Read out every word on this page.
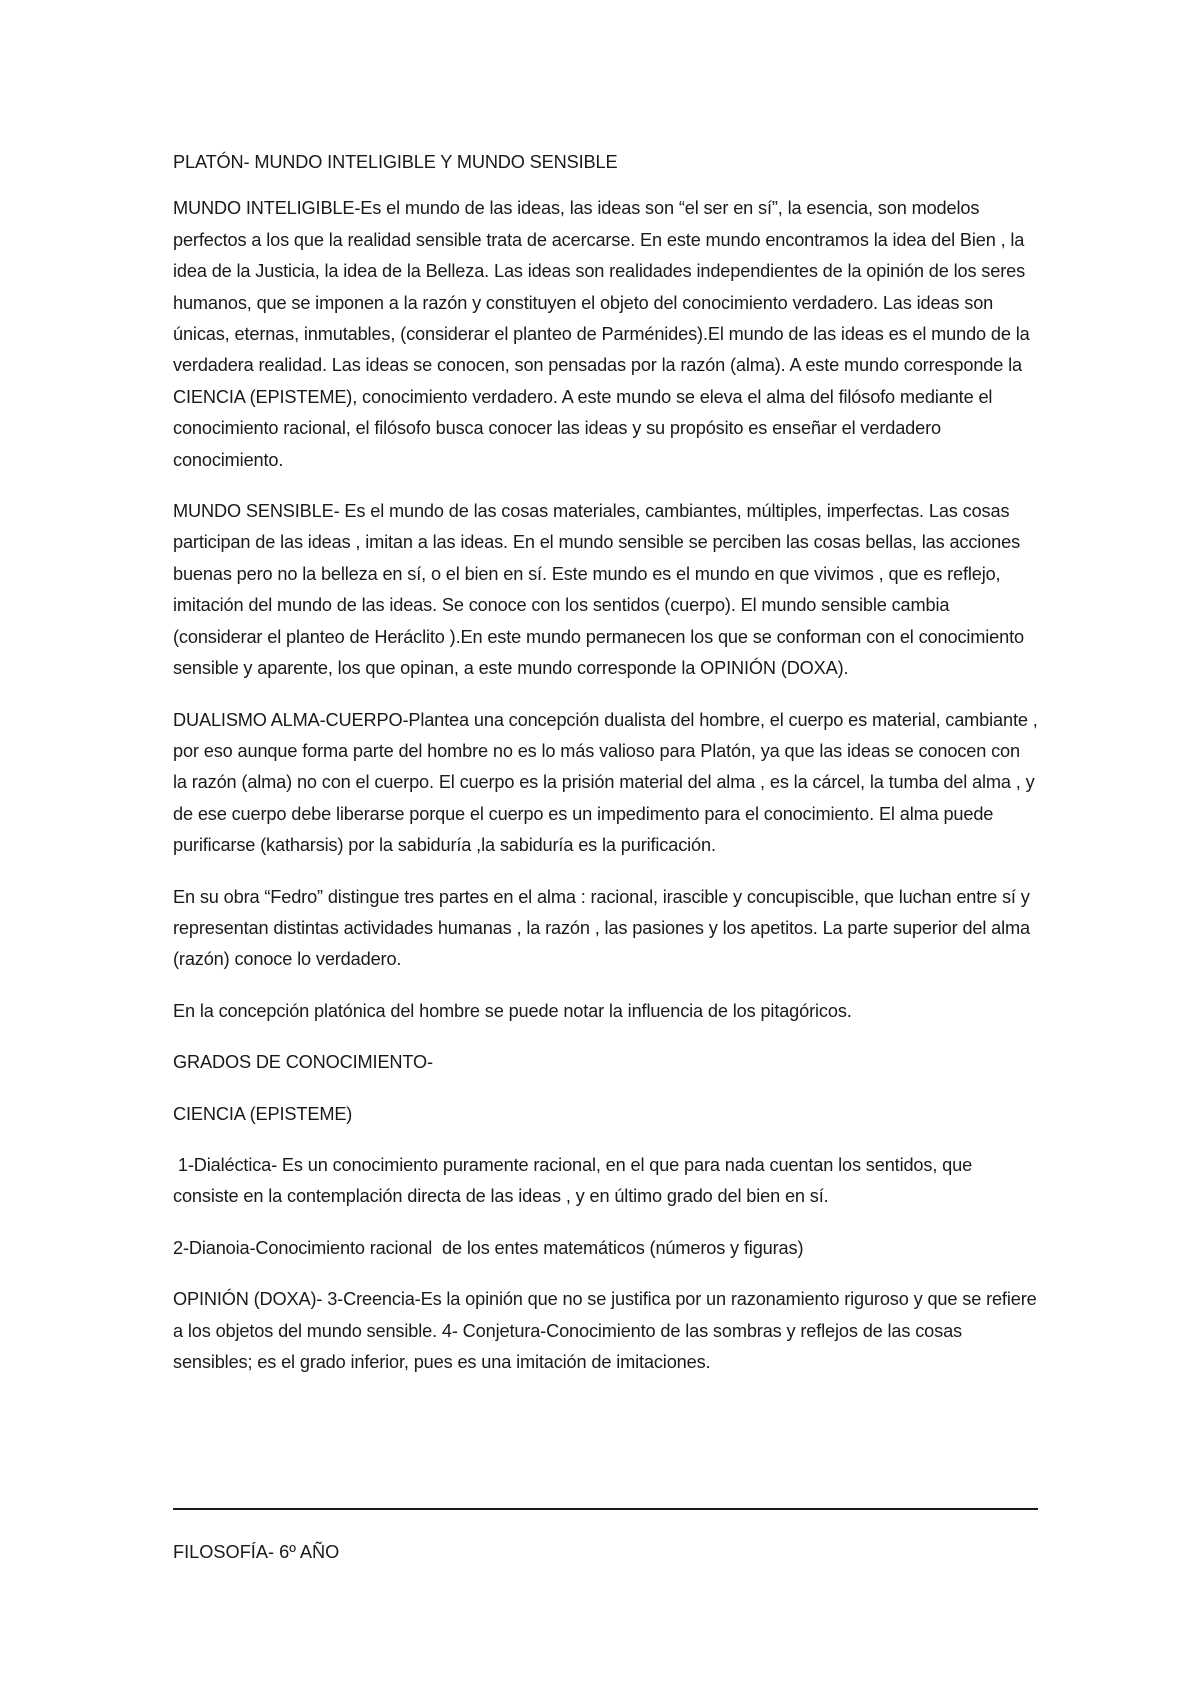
PLATÓN- MUNDO INTELIGIBLE Y MUNDO SENSIBLE

MUNDO INTELIGIBLE-Es el mundo de las ideas, las ideas son “el ser en sí”, la esencia, son modelos perfectos a los que la realidad sensible trata de acercarse. En este mundo encontramos la idea del Bien , la idea de la Justicia, la idea de la Belleza. Las ideas son realidades independientes de la opinión de los seres humanos, que se imponen a la razón y constituyen el objeto del conocimiento verdadero. Las ideas son únicas, eternas, inmutables, (considerar el planteo de Parménides).El mundo de las ideas es el mundo de la verdadera realidad. Las ideas se conocen, son pensadas por la razón (alma). A este mundo corresponde la CIENCIA (EPISTEME), conocimiento verdadero. A este mundo se eleva el alma del filósofo mediante el conocimiento racional, el filósofo busca conocer las ideas y su propósito es enseñar el verdadero conocimiento.

MUNDO SENSIBLE- Es el mundo de las cosas materiales, cambiantes, múltiples, imperfectas. Las cosas participan de las ideas , imitan a las ideas. En el mundo sensible se perciben las cosas bellas, las acciones buenas pero no la belleza en sí, o el bien en sí. Este mundo es el mundo en que vivimos , que es reflejo, imitación del mundo de las ideas. Se conoce con los sentidos (cuerpo). El mundo sensible cambia (considerar el planteo de Heráclito ).En este mundo permanecen los que se conforman con el conocimiento sensible y aparente, los que opinan, a este mundo corresponde la OPINIÓN (DOXA).

DUALISMO ALMA-CUERPO-Plantea una concepción dualista del hombre, el cuerpo es material, cambiante , por eso aunque forma parte del hombre no es lo más valioso para Platón, ya que las ideas se conocen con la razón (alma) no con el cuerpo. El cuerpo es la prisión material del alma , es la cárcel, la tumba del alma , y de ese cuerpo debe liberarse porque el cuerpo es un impedimento para el conocimiento. El alma puede purificarse (katharsis) por la sabiduría ,la sabiduría es la purificación.

En su obra “Fedro” distingue tres partes en el alma : racional, irascible y concupiscible, que luchan entre sí y representan distintas actividades humanas , la razón , las pasiones y los apetitos. La parte superior del alma (razón) conoce lo verdadero.

En la concepción platónica del hombre se puede notar la influencia de los pitagóricos.

GRADOS DE CONOCIMIENTO-

CIENCIA (EPISTEME)

1-Dialéctica- Es un conocimiento puramente racional, en el que para nada cuentan los sentidos, que consiste en la contemplación directa de las ideas , y en último grado del bien en sí.

2-Dianoia-Conocimiento racional  de los entes matemáticos (números y figuras)

OPINIÓN (DOXA)- 3-Creencia-Es la opinión que no se justifica por un razonamiento riguroso y que se refiere a los objetos del mundo sensible. 4- Conjetura-Conocimiento de las sombras y reflejos de las cosas sensibles; es el grado inferior, pues es una imitación de imitaciones.

FILOSOFÍA- 6º AÑO
